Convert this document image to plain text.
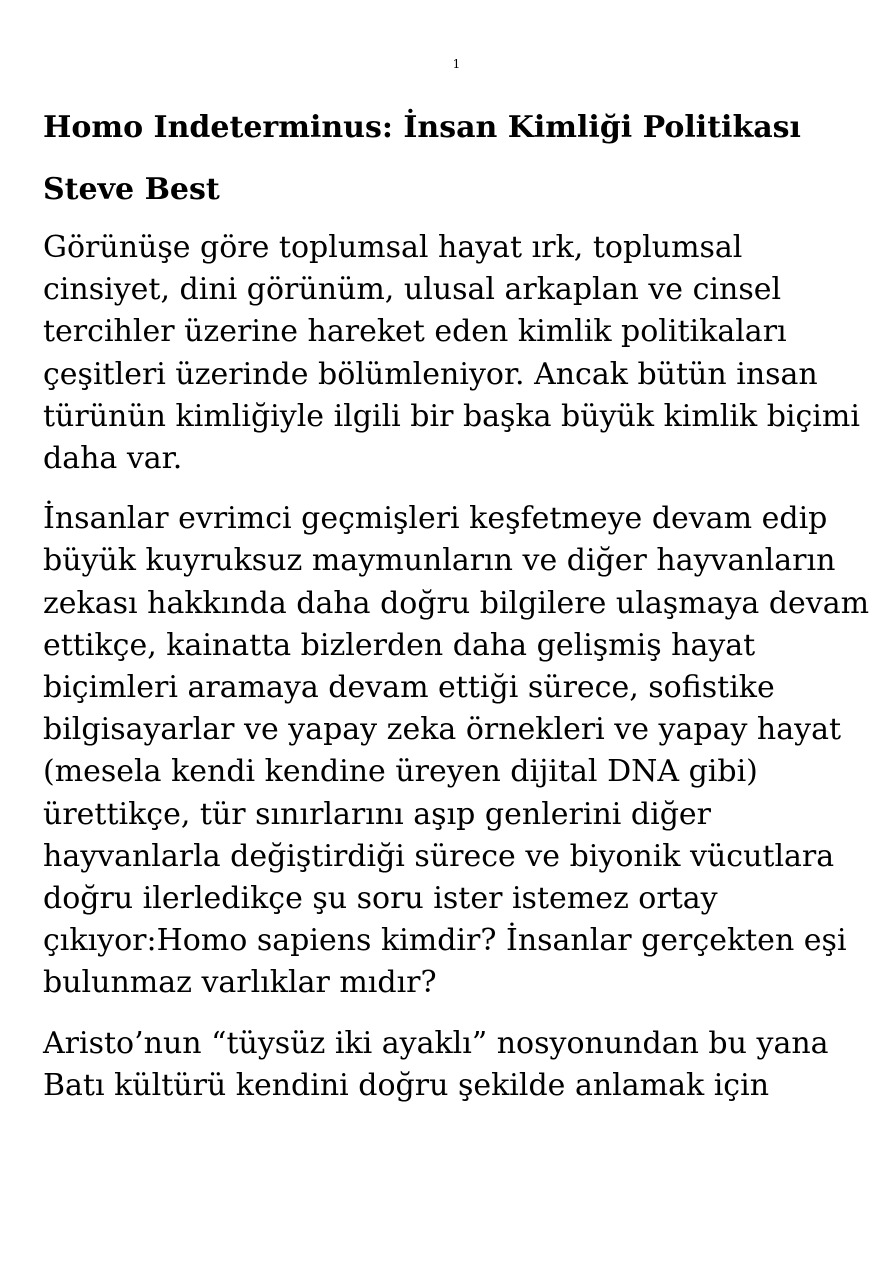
1
Homo Indeterminus: İnsan Kimliği Politikası
Steve Best
Görünüşe göre toplumsal hayat ırk, toplumsal
cinsiyet, dini görünüm, ulusal arkaplan ve cinsel
tercihler üzerine hareket eden kimlik politikaları
çeşitleri üzerinde bölümleniyor. Ancak bütün insan
türünün kimliğiyle ilgili bir başka büyük kimlik biçimi
daha var.
İnsanlar evrimci geçmişleri keşfetmeye devam edip
büyük kuyruksuz maymunların ve diğer hayvanların
zekası hakkında daha doğru bilgilere ulaşmaya devam
ettikçe, kainatta bizlerden daha gelişmiş hayat
biçimleri aramaya devam ettiği sürece, sofistike
bilgisayarlar ve yapay zeka örnekleri ve yapay hayat
(mesela kendi kendine üreyen dijital DNA gibi)
ürettikçe, tür sınırlarını aşıp genlerini diğer
hayvanlarla değiştirdiği sürece ve biyonik vücutlara
doğru ilerledikçe şu soru ister istemez ortay
çıkıyor:Homo sapiens kimdir? İnsanlar gerçekten eşi
bulunmaz varlıklar mıdır?
Aristo’nun “tüysüz iki ayaklı” nosyonundan bu yana
Batı kültürü kendini doğru şekilde anlamak için
